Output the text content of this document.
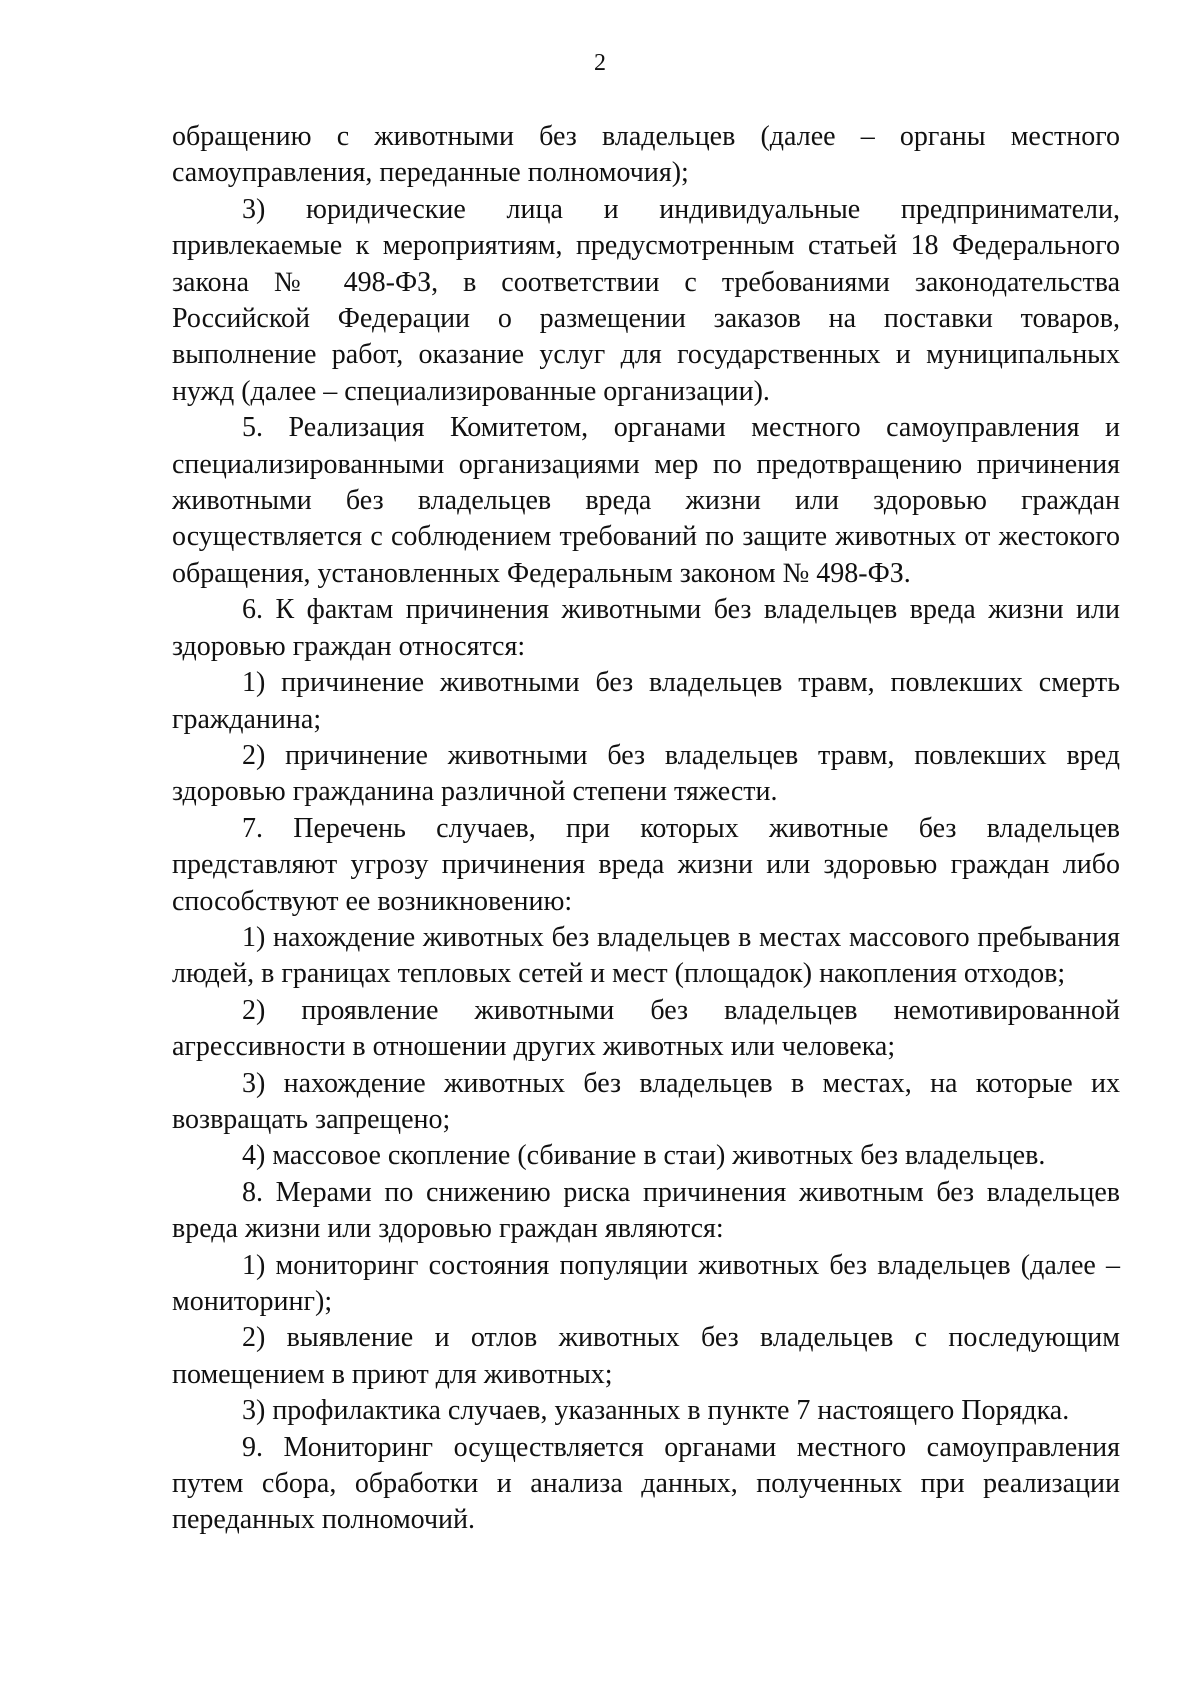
2

обращению с животными без владельцев (далее – органы местного самоуправления, переданные полномочия);

3) юридические лица и индивидуальные предприниматели, привлекаемые к мероприятиям, предусмотренным статьей 18 Федерального закона № 498-ФЗ, в соответствии с требованиями законодательства Российской Федерации о размещении заказов на поставки товаров, выполнение работ, оказание услуг для государственных и муниципальных нужд (далее – специализированные организации).

5. Реализация Комитетом, органами местного самоуправления и специализированными организациями мер по предотвращению причинения животными без владельцев вреда жизни или здоровью граждан осуществляется с соблюдением требований по защите животных от жестокого обращения, установленных Федеральным законом № 498-ФЗ.

6. К фактам причинения животными без владельцев вреда жизни или здоровью граждан относятся:

1) причинение животными без владельцев травм, повлекших смерть гражданина;

2) причинение животными без владельцев травм, повлекших вред здоровью гражданина различной степени тяжести.

7. Перечень случаев, при которых животные без владельцев представляют угрозу причинения вреда жизни или здоровью граждан либо способствуют ее возникновению:

1) нахождение животных без владельцев в местах массового пребывания людей, в границах тепловых сетей и мест (площадок) накопления отходов;

2) проявление животными без владельцев немотивированной агрессивности в отношении других животных или человека;

3) нахождение животных без владельцев в местах, на которые их возвращать запрещено;

4) массовое скопление (сбивание в стаи) животных без владельцев.

8. Мерами по снижению риска причинения животным без владельцев вреда жизни или здоровью граждан являются:

1) мониторинг состояния популяции животных без владельцев (далее – мониторинг);

2) выявление и отлов животных без владельцев с последующим помещением в приют для животных;

3) профилактика случаев, указанных в пункте 7 настоящего Порядка.

9. Мониторинг осуществляется органами местного самоуправления путем сбора, обработки и анализа данных, полученных при реализации переданных полномочий.
